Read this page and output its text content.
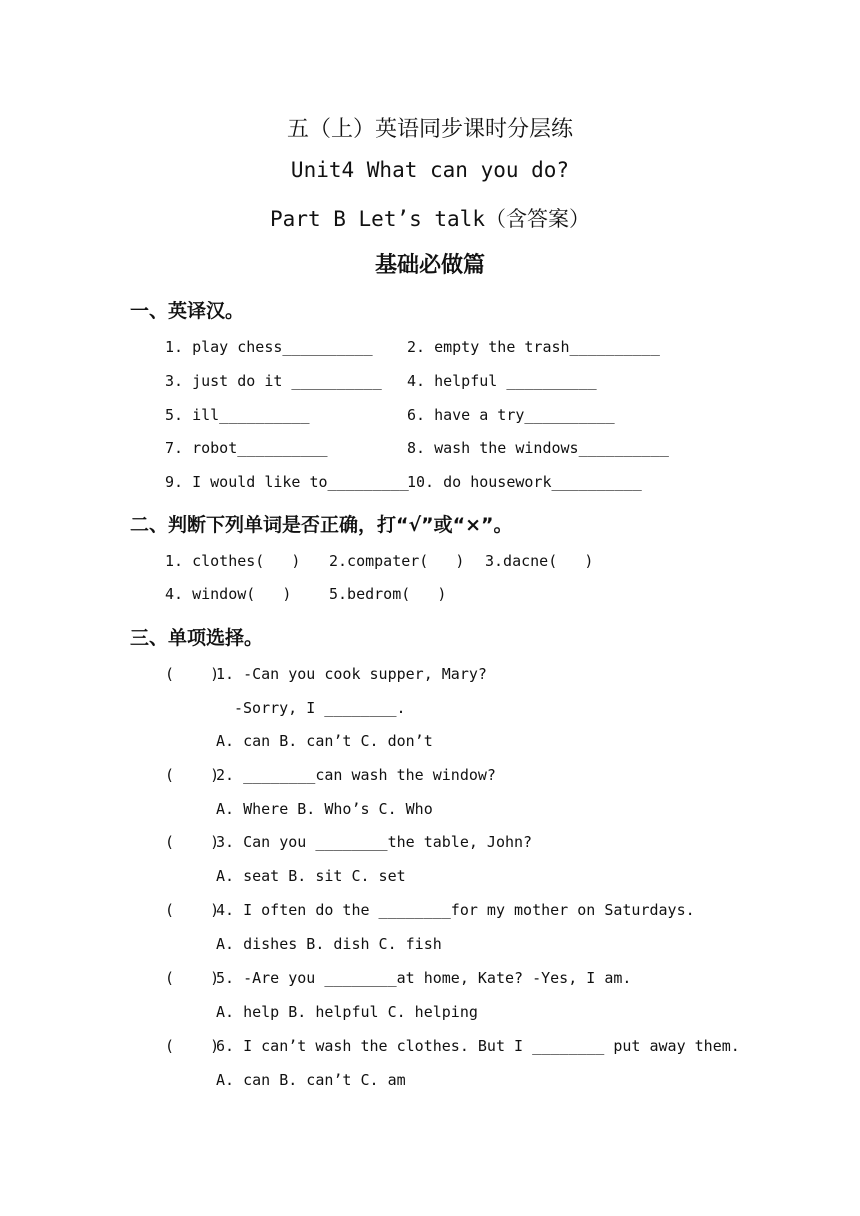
五（上）英语同步课时分层练
Unit4 What can you do?
Part B Let’s talk（含答案）
基础必做篇
一、英译汉。
1. play chess__________ 2. empty the trash__________
3. just do it __________ 4. helpful __________
5. ill__________	6. have a try__________
7. robot__________	8. wash the windows__________
9. I would like to_________
10. do housework__________
二、判断下列单词是否正确，打“√”或“×”。
1. clothes(   ) 2.compater(   ) 3.dacne(   )
4. window(   )	5.bedrom(   )
三、单项选择。
(    )
1. -Can you cook supper, Mary?
-Sorry, I ________.
A. can B. can’t C. don’t
(    )
2. ________can wash the window?
A. Where B. Who’s C. Who
(    )
3. Can you ________the table, John?
A. seat B. sit C. set
(    )
4. I often do the ________for my mother on Saturdays.
A. dishes B. dish C. fish
(    )
5. -Are you ________at home, Kate? -Yes, I am.
A. help B. helpful C. helping
(    )
6. I can’t wash the clothes. But I ________ put away them.
A. can B. can’t C. am
